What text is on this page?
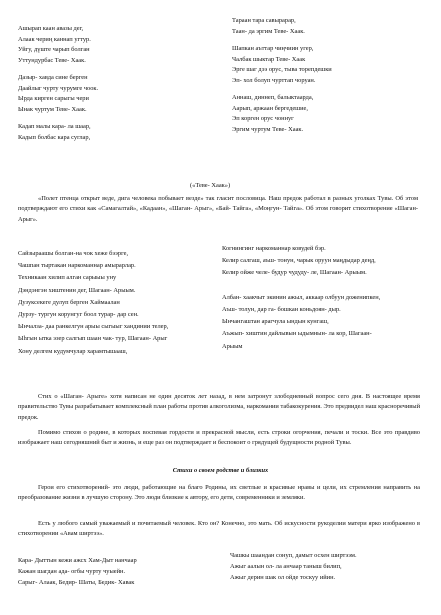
Ашырап каан авазы дег,
Алаак чериң каннап угтур.
Уйгу, дүште чарып болган
Уттундурбас Теве- Хаак.
Дазыр- хавда сине берген
Даайлыг чурту чурумге чоок.
Ырда кирген сарыгы чери
Ынак чуртум Теве- Хаак.
Кадап малы кара- ла шаар,
Кадып болбас кара суглар,
Тараан тара савырарар,
Таан- да эргим Теве- Хаак.
Шапкан аъттар чиңчиин угер,
Чалбак шыктар Теве- Хаак
Эрге шаг дээ орус, тыва торепдешки
Эп- хол болуп чурттап чоруан.
Аннаш, диннеп, балыктаарда,
Аарып, аржаан бергедешие,
Эп корген орус чоннуг
Эргим чуртум Теве- Хаак.
(«Теве- Хаак»)
«Полет птенца открыт веде, дига человека побывает везде» так гласит пословица. Наш предок работал в разных уголках Тувы. Об этом подтверждают его стихи как «Самагалтай», «Кадаан», «Шаган- Арыг», «Бай- Тайга», «Моңгун- Тайга». Об этом говорит стихотворение «Шаган- Арыг».
Сайзыраашы болган-на чок хеже бээрге,
Чашпан тыртакан наркоманнар амырарлар.
Техникаан хилип алган сарыыы уну
Дэндэнгэн хиштенин дег, Шагаан- Арыым.
Дузуксекеге дулуп берген Хаймаалан
Дурзу- тургун корунгуг боол турар- дар сен.
Ынчалза- даа ранкелгун арыы сыгыыг хандинии телер,
Ыһгын ытка эзер салгып шаан чак- тур, Шагаан- Арыг
Хону делгем кудумчулар харамтышааш,
Когнингинг наркоманнар ковудей бэр.
Келир салгаш, аъш- тонун, чарык оруун маңдыдар деңд,
Келир ойже челе- будур чудуду- ле, Шагаан- Арыым.
Албан- хаакчыт экинин ажыл, аккаар олбуун доженипкен,
Аъш- толун, дар га- бошкан коньдоян- дыр.
Ынчангаштан арагчула ындын кунгаш,
Аъжып- хиштин дайлывын ыдымнын- ла кор, Шагаан-
Арыым
Стих о «Шаган- Арыге» хотя написан не один десяток лет назад, в нем затронут злободневный вопрос сего дня. В настоящее время правительство Тувы разрабатывает комплексный план работы против алкоголизма, наркомании табакокурения. Это предвидел наш красноречивый предок.
Помимо стихов о родине, в которых воспевая гордости и прекрасной мысли, есть строки огорчения, печали и тоски. Все это правдиво изображает наш сегодняшний быт и жизнь, и еще раз он подтверждает и беспокоит о грядущей будущности родной Тувы.
Стихи о своем родстве и близких
Герои его стихотворений- это люди, работающие на благо Родины, их светлые и красивые нравы и цели, их стремления направить на преобразование жизни в лучшую сторону. Это люди близкие к автору, его дети, современники и земляки.
Есть у любого самый уважаемый и почитаемый человек. Кто он? Конечно, это мать. Об искусности рукоделии матери ярко изображено в стихотворении «Авам ширтээ».
Кара- Дыттын кежи ажсх Хам-Дыт нанчаар
Кажан шагдан ада- огбы чурту чуыейн.
Сарыг- Алаак, Бедир- Шаты, Бедик- Хавак
Чашкы шаандан сонуп, дамыт осхен ширтээм.
Ажыг аалын ол- ла анчаар таныш билип,
Ажыг дерин шак ол ойде тоскуу ийин.
